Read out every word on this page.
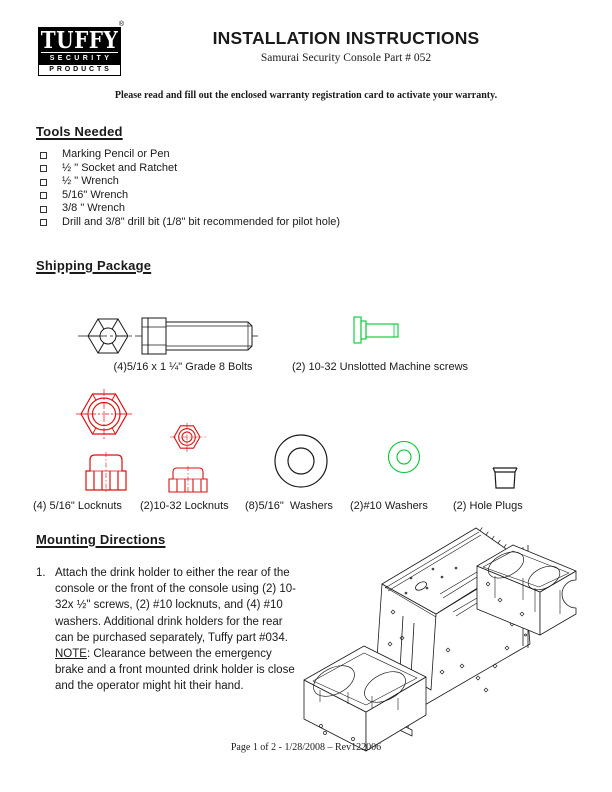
®
TUFFY
SECURITY
PRODUCTS
INSTALLATION INSTRUCTIONS
Samurai Security Console Part # 052
Please read and fill out the enclosed warranty registration card to activate your warranty.
Tools Needed
Marking Pencil or Pen
½ " Socket and Ratchet
½ " Wrench
5/16" Wrench
3/8 " Wrench
Drill and 3/8" drill bit (1/8" bit recommended for pilot hole)
Shipping Package
(4)5/16 x 1 ¼" Grade 8 Bolts	(2) 10-32 Unslotted Machine screws
(4) 5/16" Locknuts (2)10-32 Locknuts (8)5/16"  Washers (2)#10 Washers (2) Hole Plugs
Mounting Directions
1. Attach the drink holder to either the rear of the console or the front of the console using (2) 10-32x ½" screws, (2) #10 locknuts, and (4) #10 washers. Additional drink holders for the rear can be purchased separately, Tuffy part #034. NOTE: Clearance between the emergency brake and a front mounted drink holder is close and the operator might hit their hand.
Page 1 of 2 - 1/28/2008 – Rev122006
